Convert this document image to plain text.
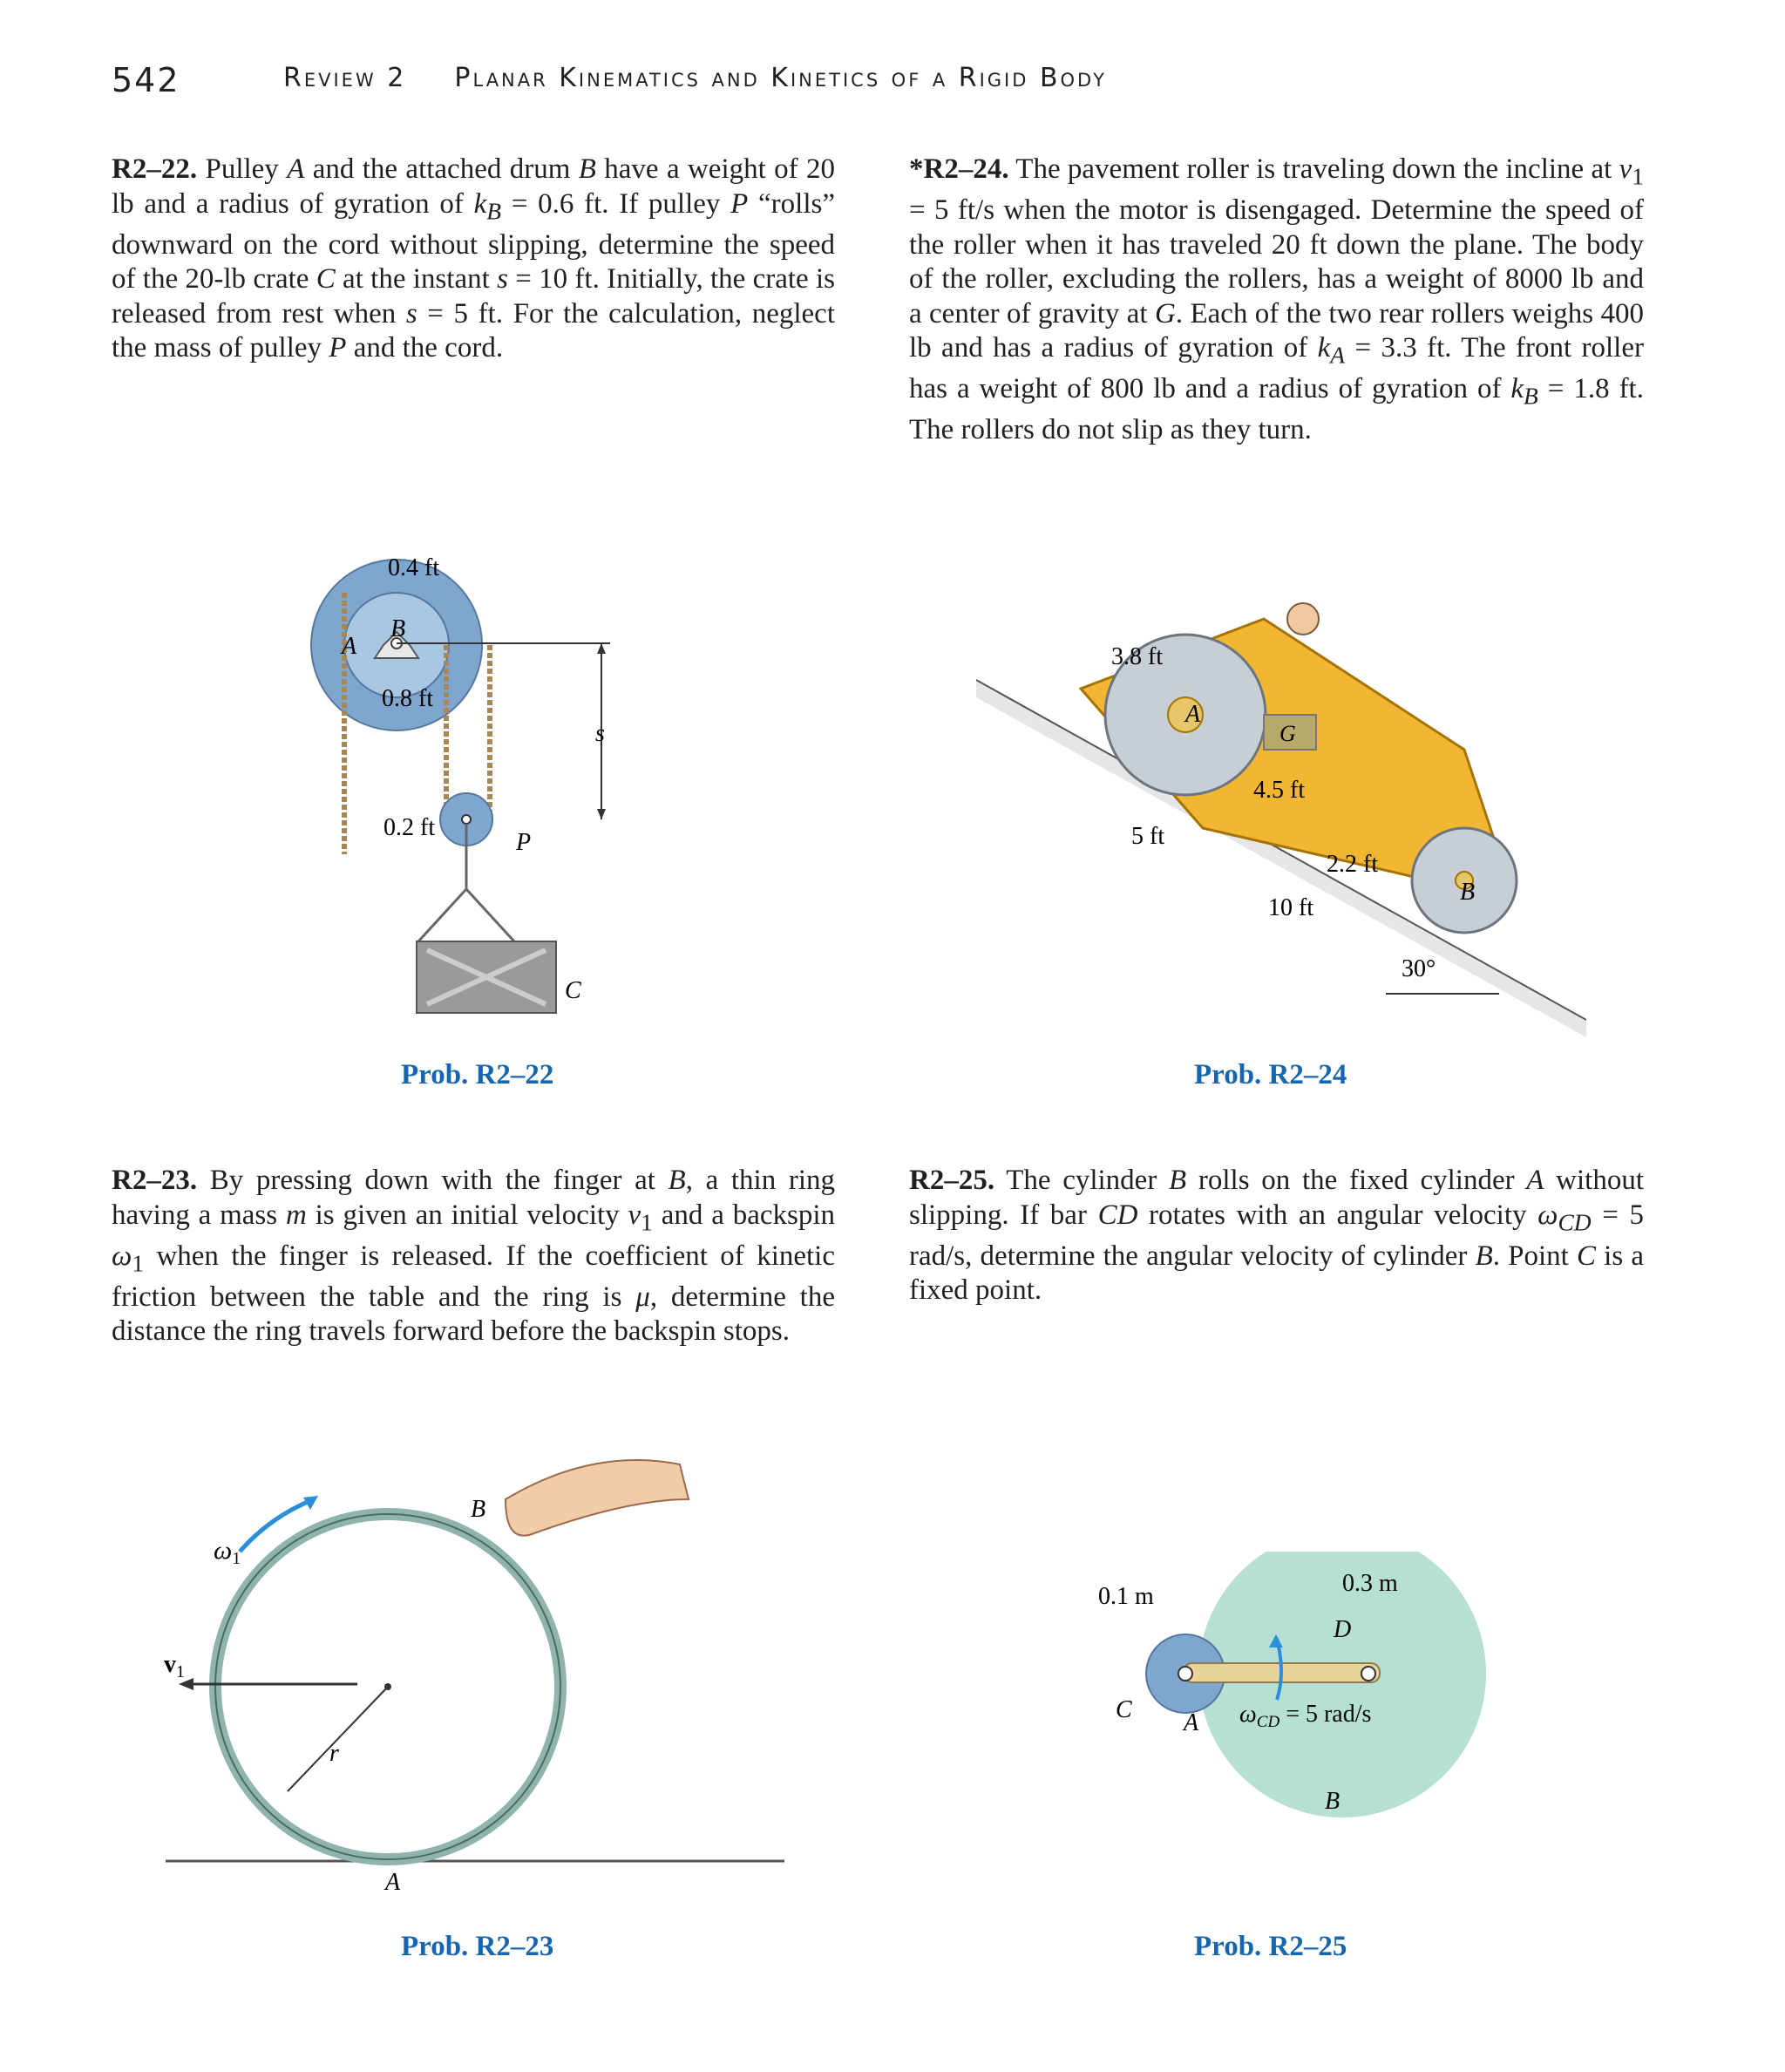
542	Review 2 Planar Kinematics and Kinetics of a Rigid Body
R2–22. Pulley A and the attached drum B have a weight of 20 lb and a radius of gyration of $k_B = 0.6$ ft. If pulley P “rolls” downward on the cord without slipping, determine the speed of the 20-lb crate C at the instant s = 10 ft. Initially, the crate is released from rest when s = 5 ft. For the calculation, neglect the mass of pulley P and the cord.
*R2–24. The pavement roller is traveling down the incline at $v_1 = 5$ ft/s when the motor is disengaged. Determine the speed of the roller when it has traveled 20 ft down the plane. The body of the roller, excluding the rollers, has a weight of 8000 lb and a center of gravity at G. Each of the two rear rollers weighs 400 lb and has a radius of gyration of $k_A = 3.3$ ft. The front roller has a weight of 800 lb and a radius of gyration of $k_B = 1.8$ ft. The rollers do not slip as they turn.
R2–23. By pressing down with the finger at B, a thin ring having a mass m is given an initial velocity $v_1$ and a backspin $\omega_1$ when the finger is released. If the coefficient of kinetic friction between the table and the ring is μ, determine the distance the ring travels forward before the backspin stops.
R2–25. The cylinder B rolls on the fixed cylinder A without slipping. If bar CD rotates with an angular velocity $\omega_{CD} = 5$ rad/s, determine the angular velocity of cylinder B. Point C is a fixed point.
0.4 ft
B
A
0.8 ft
0.2 ft
P
s
C
Prob. R2–22
3.8 ft
A
G
4.5 ft
5 ft
2.2 ft
10 ft
B
30°
Prob. R2–24
$\omega_1$
$v_1$
B
r
A
Prob. R2–23
0.1 m	0.3 m
D
C A $\omega_{CD} = 5$ rad/s
B
Prob. R2–25
